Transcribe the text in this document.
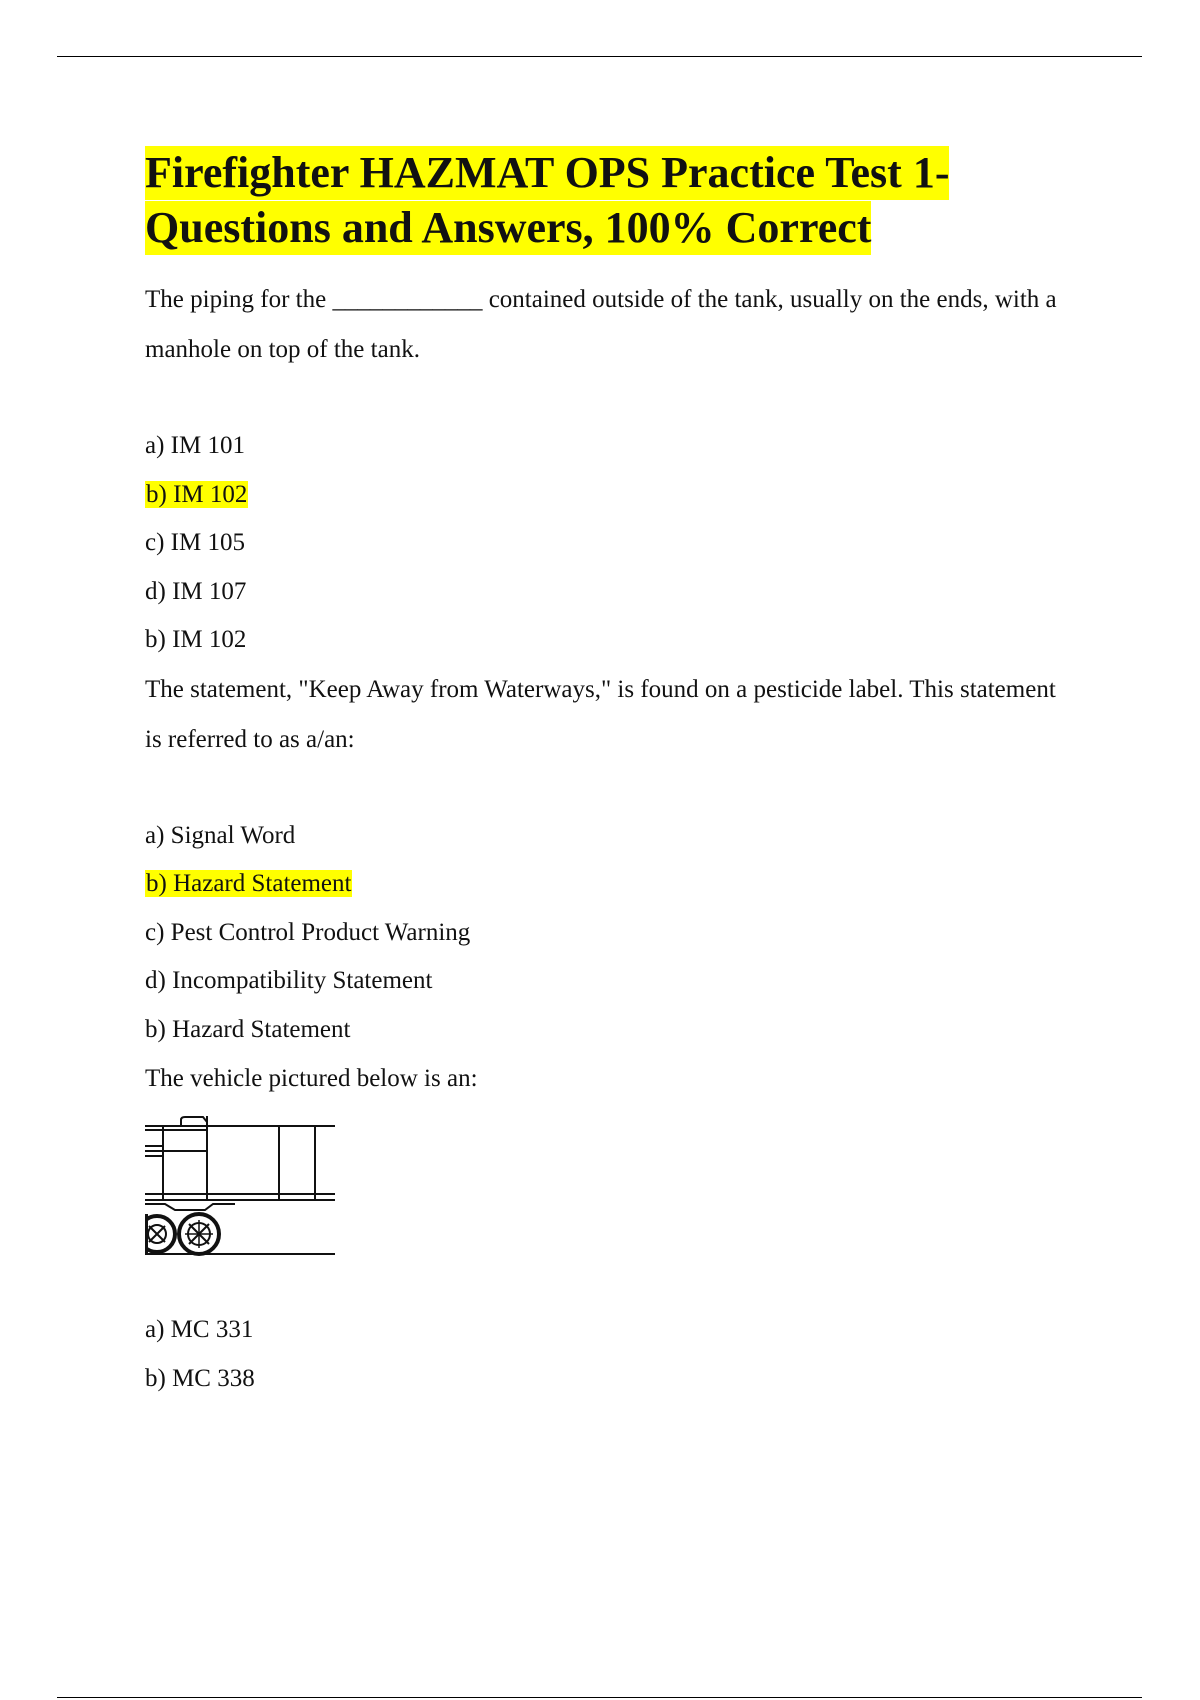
Firefighter HAZMAT OPS Practice Test 1-
Questions and Answers, 100% Correct

The piping for the ____________ contained outside of the tank, usually on the ends, with a manhole on top of the tank.

a) IM 101
b) IM 102
c) IM 105
d) IM 107

b) IM 102

The statement, "Keep Away from Waterways," is found on a pesticide label. This statement is referred to as a/an:

a) Signal Word
b) Hazard Statement
c) Pest Control Product Warning
d) Incompatibility Statement

b) Hazard Statement

The vehicle pictured below is an:

a) MC 331
b) MC 338
